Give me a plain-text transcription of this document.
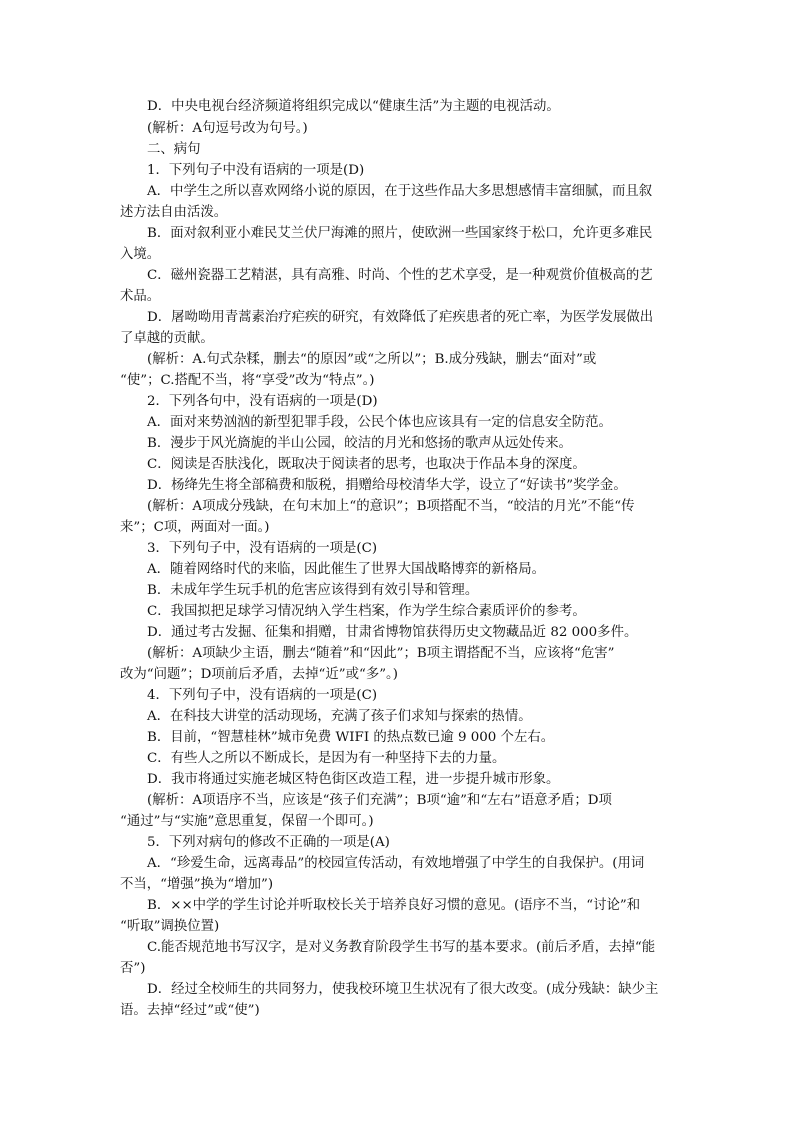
D．中央电视台经济频道将组织完成以“健康生活”为主题的电视活动。
(解析：A句逗号改为句号。)
二、病句
1．下列句子中没有语病的一项是(D)
A．中学生之所以喜欢网络小说的原因，在于这些作品大多思想感情丰富细腻，而且叙
述方法自由活泼。
B．面对叙利亚小难民艾兰伏尸海滩的照片，使欧洲一些国家终于松口，允许更多难民
入境。
C．磁州瓷器工艺精湛，具有高雅、时尚、个性的艺术享受，是一种观赏价值极高的艺
术品。
D．屠呦呦用青蒿素治疗疟疾的研究，有效降低了疟疾患者的死亡率，为医学发展做出
了卓越的贡献。
(解析：A.句式杂糅，删去“的原因”或“之所以”；B.成分残缺，删去“面对”或
“使”；C.搭配不当，将“享受”改为“特点”。)
2．下列各句中，没有语病的一项是(D)
A．面对来势汹汹的新型犯罪手段，公民个体也应该具有一定的信息安全防范。
B．漫步于风光旖旎的半山公园，皎洁的月光和悠扬的歌声从远处传来。
C．阅读是否肤浅化，既取决于阅读者的思考，也取决于作品本身的深度。
D．杨绛先生将全部稿费和版税，捐赠给母校清华大学，设立了“好读书”奖学金。
(解析：A项成分残缺，在句末加上“的意识”；B项搭配不当，“皎洁的月光”不能“传
来”；C项，两面对一面。)
3．下列句子中，没有语病的一项是(C)
A．随着网络时代的来临，因此催生了世界大国战略博弈的新格局。
B．未成年学生玩手机的危害应该得到有效引导和管理。
C．我国拟把足球学习情况纳入学生档案，作为学生综合素质评价的参考。
D．通过考古发掘、征集和捐赠，甘肃省博物馆获得历史文物藏品近 82 000多件。
(解析：A项缺少主语，删去“随着”和“因此”；B项主谓搭配不当，应该将“危害”
改为“问题”；D项前后矛盾，去掉“近”或“多”。)
4．下列句子中，没有语病的一项是(C)
A．在科技大讲堂的活动现场，充满了孩子们求知与探索的热情。
B．目前，“智慧桂林”城市免费 WIFI 的热点数已逾 9 000 个左右。
C．有些人之所以不断成长，是因为有一种坚持下去的力量。
D．我市将通过实施老城区特色街区改造工程，进一步提升城市形象。
(解析：A项语序不当，应该是“孩子们充满”；B项“逾”和“左右”语意矛盾；D项
“通过”与“实施”意思重复，保留一个即可。)
5．下列对病句的修改不正确的一项是(A)
A．“珍爱生命，远离毒品”的校园宣传活动，有效地增强了中学生的自我保护。(用词
不当，“增强”换为“增加”)
B．××中学的学生讨论并听取校长关于培养良好习惯的意见。(语序不当，“讨论”和
“听取”调换位置)
C.能否规范地书写汉字，是对义务教育阶段学生书写的基本要求。(前后矛盾，去掉“能
否”)
D．经过全校师生的共同努力，使我校环境卫生状况有了很大改变。(成分残缺：缺少主
语。去掉“经过”或“使”)
